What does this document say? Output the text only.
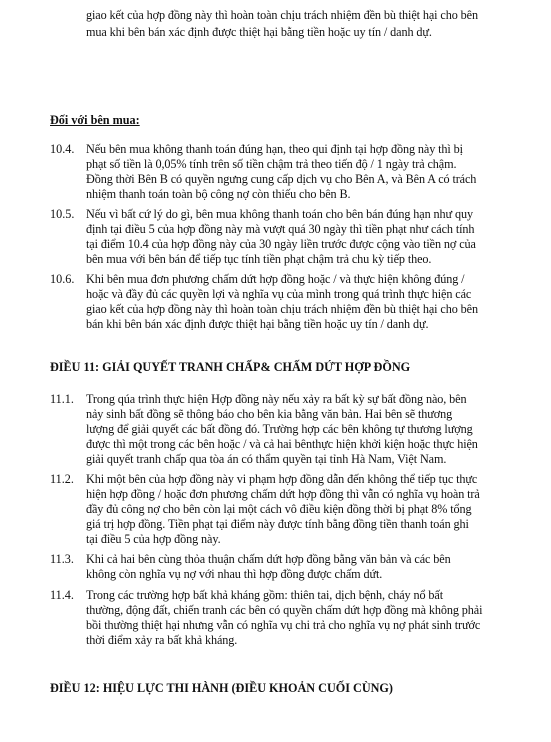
giao kết của hợp đồng này thì hoàn toàn chịu trách nhiệm đền bù thiệt hại cho bên
mua khi bên bán xác định được thiệt hại bằng tiền hoặc uy tín / danh dự.
Đối với bên mua:
10.4. Nếu bên mua không thanh toán đúng hạn, theo qui định tại hợp đồng này thì bị
phạt số tiền là 0,05% tính trên số tiền chậm trả theo tiến độ / 1 ngày trả chậm.
Đồng thời Bên B có quyền ngưng cung cấp dịch vụ cho Bên A, và Bên A có trách
nhiệm thanh toán toàn bộ công nợ còn thiếu cho bên B.
10.5. Nếu vì bất cứ lý do gì, bên mua không thanh toán cho bên bán đúng hạn như quy
định tại điều 5 của hợp đồng này mà vượt quá 30 ngày thì tiền phạt như cách tính
tại điểm 10.4 của hợp đồng này của 30 ngày liền trước được cộng vào tiền nợ của
bên mua với bên bán để tiếp tục tính tiền phạt chậm trả chu kỳ tiếp theo.
10.6. Khi bên mua đơn phương chấm dứt hợp đồng hoặc / và thực hiện không đúng /
hoặc và đầy đủ các quyền lợi và nghĩa vụ của mình trong quá trình thực hiện các
giao kết của hợp đồng này thì hoàn toàn chịu trách nhiệm đền bù thiệt hại cho bên
bán khi bên bán xác định được thiệt hại bằng tiền hoặc uy tín / danh dự.
ĐIỀU 11: GIẢI QUYẾT TRANH CHẤP& CHẤM DỨT HỢP ĐỒNG
11.1. Trong qúa trình thực hiện Hợp đồng này nếu xảy ra bất kỳ sự bất đồng nào, bên
nảy sinh bất đồng sẽ thông báo cho bên kia bằng văn bản. Hai bên sẽ thương
lượng để giải quyết các bất đồng đó. Trường hợp các bên không tự thương lượng
được thì một trong các bên hoặc / và cả hai bênthực hiện khởi kiện hoặc thực hiện
giải quyết tranh chấp qua tòa án có thẩm quyền tại tỉnh Hà Nam, Việt Nam.
11.2. Khi một bên của hợp đồng này vi phạm hợp đồng dẫn đến không thể tiếp tục thực
hiện hợp đồng / hoặc đơn phương chấm dứt hợp đồng thì vẫn có nghĩa vụ hoàn trả
đầy đủ công nợ cho bên còn lại một cách vô điều kiện đồng thời bị phạt 8% tổng
giá trị hợp đồng. Tiền phạt tại điểm này được tính bằng đồng tiền thanh toán ghi
tại điều 5 của hợp đồng này.
11.3. Khi cả hai bên cùng thỏa thuận chấm dứt hợp đồng bằng văn bản và các bên
không còn nghĩa vụ nợ với nhau thì hợp đồng được chấm dứt.
11.4. Trong các trường hợp bất khả kháng gồm: thiên tai, dịch bệnh, cháy nổ bất
thường, động đất, chiến tranh các bên có quyền chấm dứt hợp đồng mà không phải
bồi thường thiệt hại nhưng vẫn có nghĩa vụ chi trả cho nghĩa vụ nợ phát sinh trước
thời điểm xảy ra bất khả kháng.
ĐIỀU 12: HIỆU LỰC THI HÀNH (ĐIỀU KHOẢN CUỐI CÙNG)
